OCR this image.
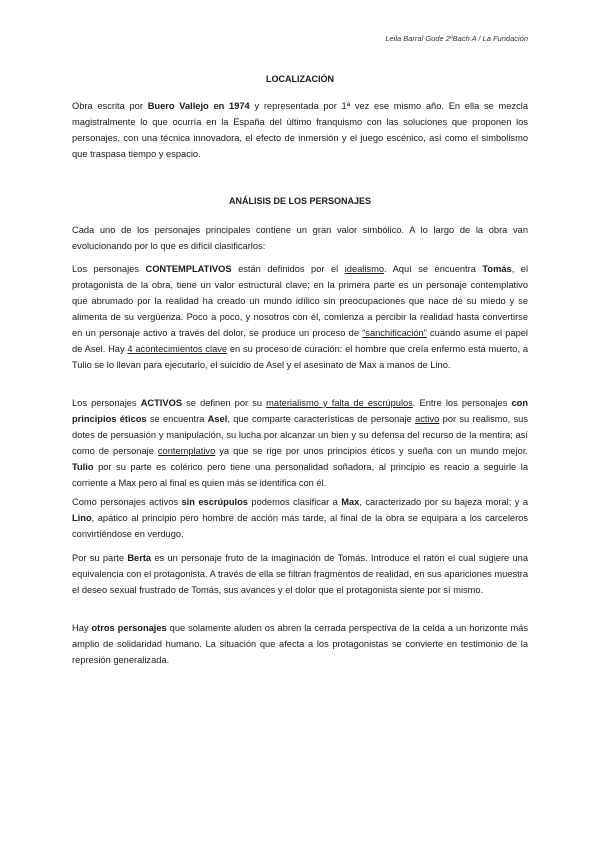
Leila Barral Gude 2ºBach A / La Fundación
LOCALIZACIÓN

Obra escrita por Buero Vallejo en 1974 y representada por 1ª vez ese mismo año. En ella se mezcla magistralmente lo que ocurría en la España del último franquismo con las soluciones que proponen los personajes, con una técnica innovadora, el efecto de inmersión y el juego escénico, así como el simbolismo que traspasa tiempo y espacio.

ANÁLISIS DE LOS PERSONAJES

Cada uno de los personajes principales contiene un gran valor simbólico. A lo largo de la obra van evolucionando por lo que es difícil clasificarlos:

Los personajes CONTEMPLATIVOS están definidos por el idealismo. Aquí se encuentra Tomás, el protagonista de la obra, tiene un valor estructural clave; en la primera parte es un personaje contemplativo que abrumado por la realidad ha creado un mundo idílico sin preocupaciones que nace de su miedo y se alimenta de su vergüenza. Poco a poco, y nosotros con él, comienza a percibir la realidad hasta convertirse en un personaje activo a través del dolor, se produce un proceso de “sanchificación” cuando asume el papel de Asel. Hay 4 acontecimientos clave en su proceso de curación: el hombre que creía enfermo está muerto, a Tulio se lo llevan para ejecutarlo, el suicidio de Asel y el asesinato de Max a manos de Lino.

Los personajes ACTIVOS se definen por su materialismo y falta de escrúpulos. Entre los personajes con principios éticos se encuentra Asel, que comparte características de personaje activo por su realismo, sus dotes de persuasión y manipulación, su lucha por alcanzar un bien y su defensa del recurso de la mentira; así como de personaje contemplativo ya que se rige por unos principios éticos y sueña con un mundo mejor. Tulio por su parte es colérico pero tiene una personalidad soñadora, al principio es reacio a seguirle la corriente a Max pero al final es quien más se identifica con él.

Como personajes activos sin escrúpulos podemos clasificar a Max, caracterizado por su bajeza moral; y a Lino, apático al principio pero hombre de acción más tarde, al final de la obra se equipara a los carceleros convirtiéndose en verdugo.

Por su parte Berta es un personaje fruto de la imaginación de Tomás. Introduce el ratón el cual sugiere una equivalencia con el protagonista. A través de ella se filtran fragmentos de realidad, en sus apariciones muestra el deseo sexual frustrado de Tomás, sus avances y el dolor que el protagonista siente por sí mismo.

Hay otros personajes que solamente aluden os abren la cerrada perspectiva de la celda a un horizonte más amplio de solidaridad humano. La situación que afecta a los protagonistas se convierte en testimonio de la represión generalizada.
